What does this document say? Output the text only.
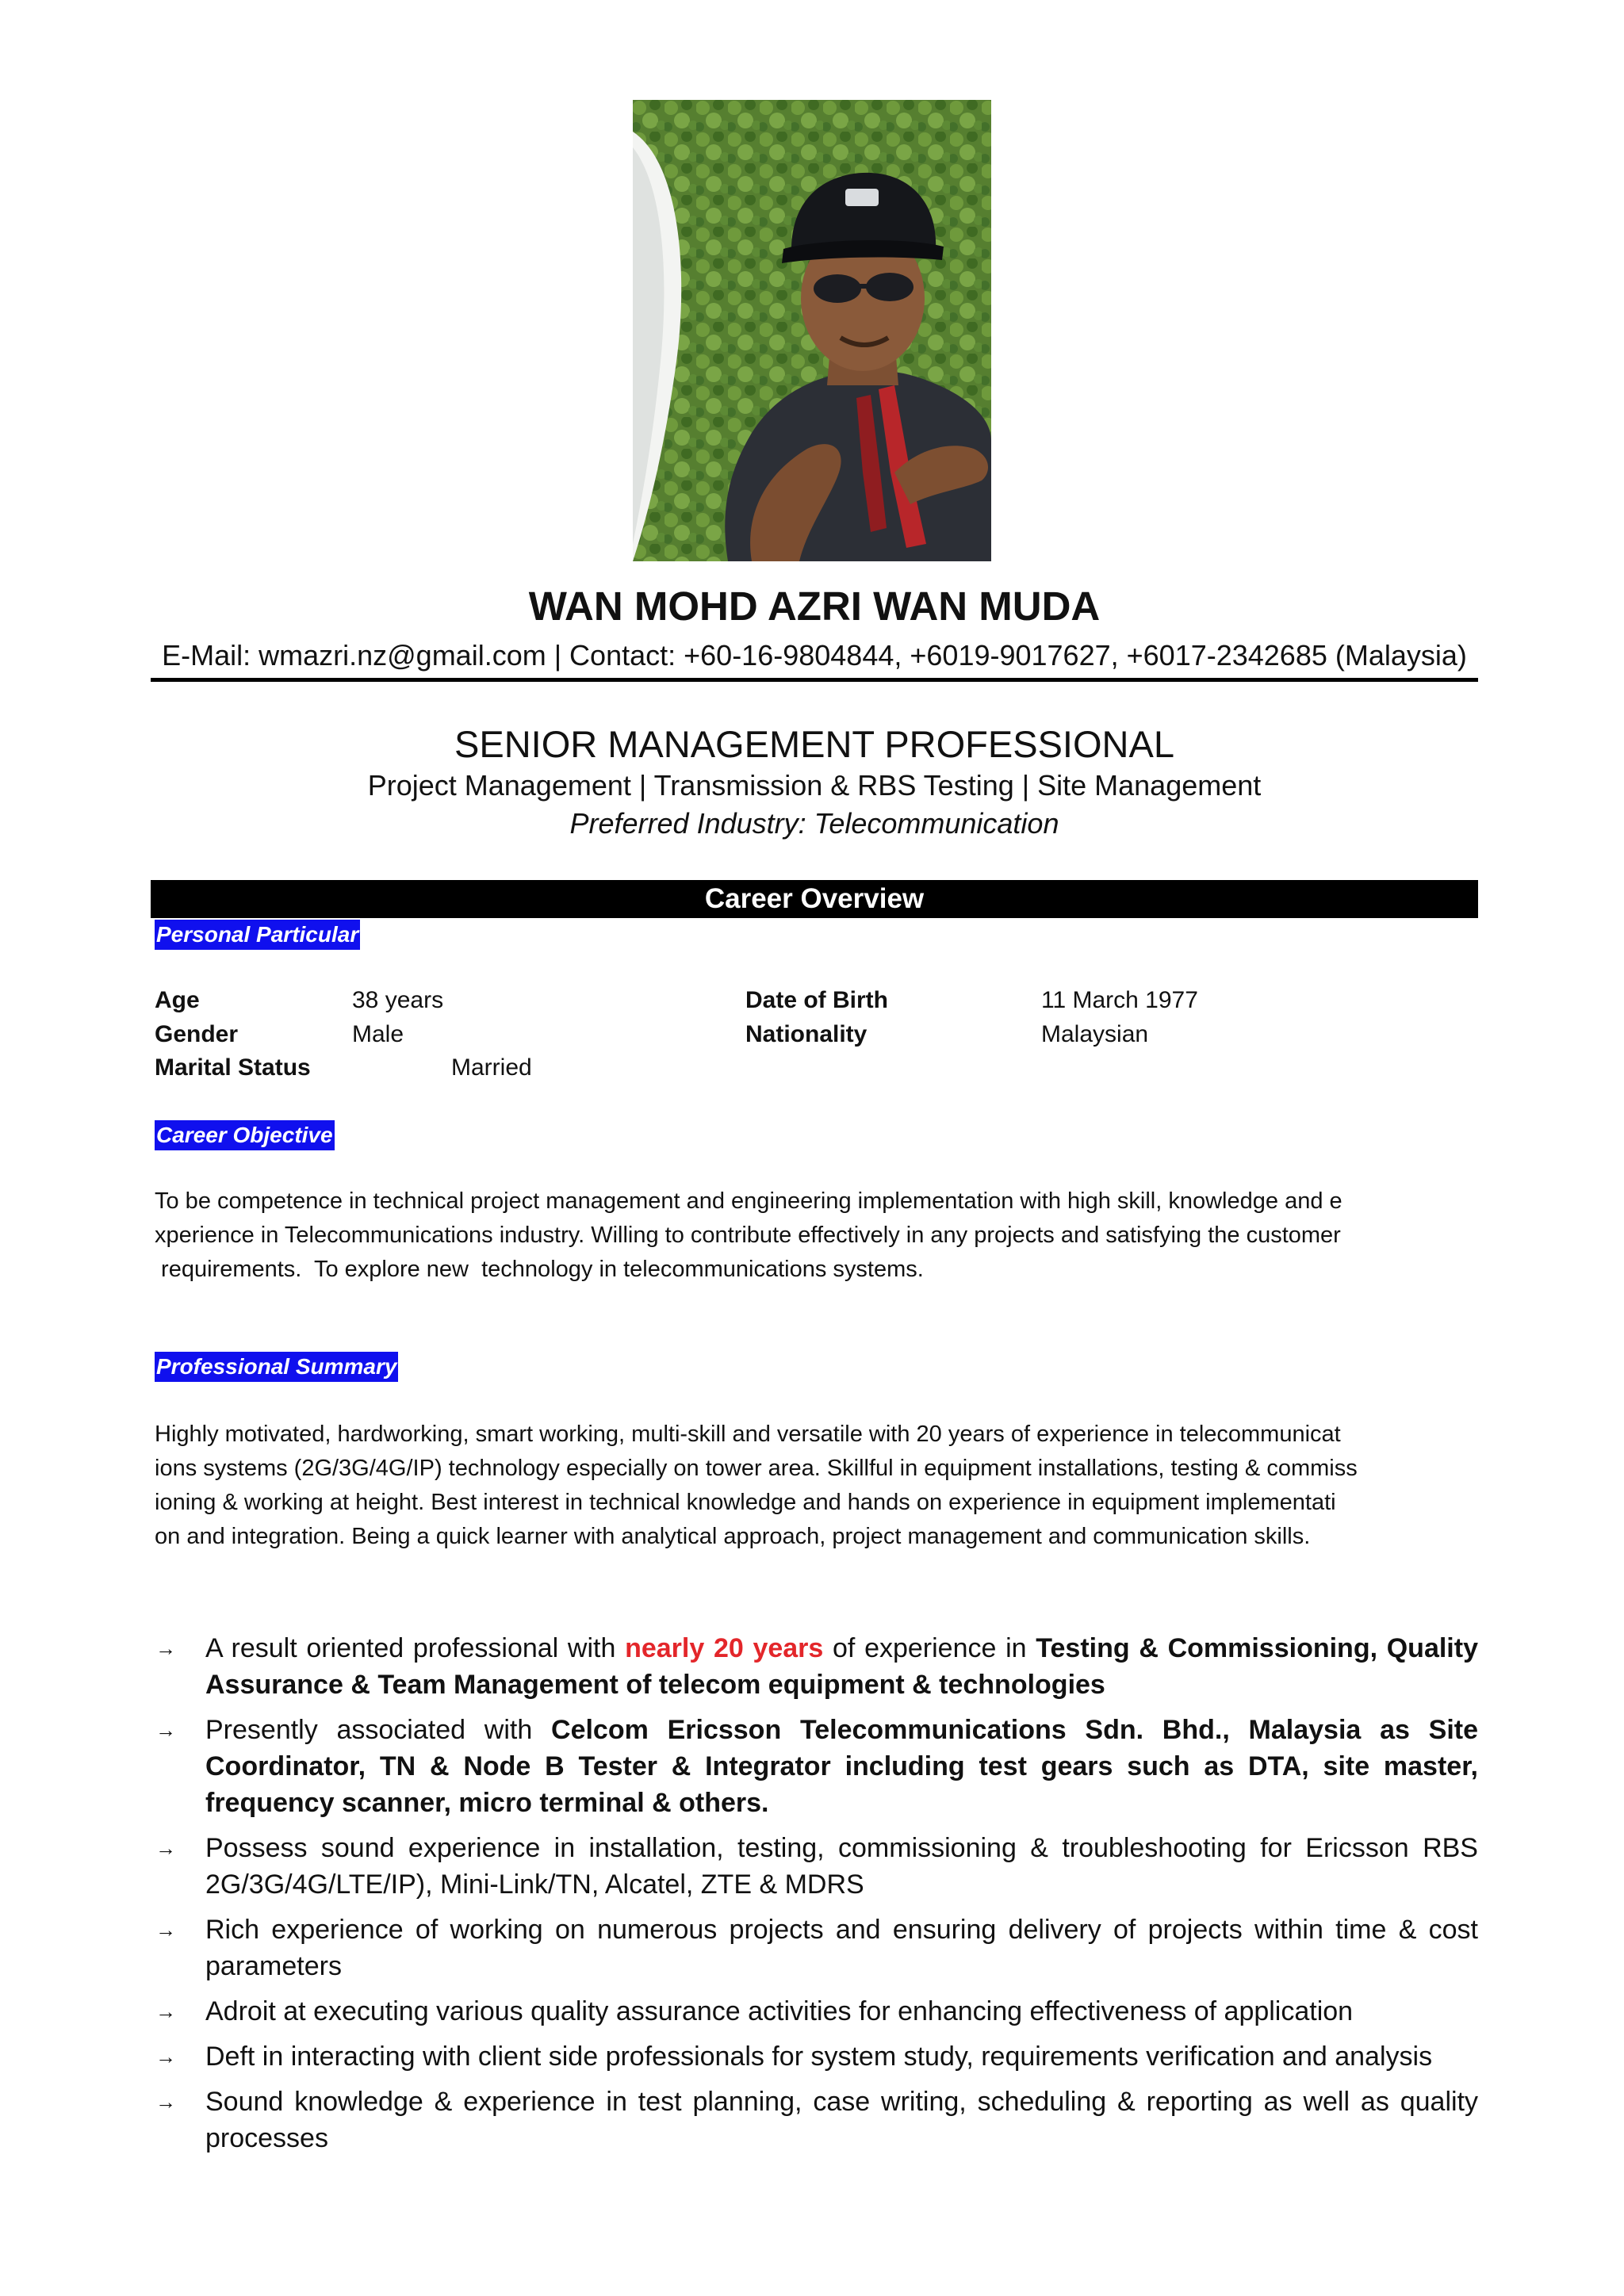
WAN MOHD AZRI WAN MUDA
E-Mail: wmazri.nz@gmail.com | Contact: +60-16-9804844, +6019-9017627, +6017-2342685 (Malaysia)
SENIOR MANAGEMENT PROFESSIONAL
Project Management | Transmission & RBS Testing | Site Management
Preferred Industry: Telecommunication
Career Overview
Personal Particular
Age	38 years	Date of Birth	11 March 1977
Gender	Male	Nationality	Malaysian
Marital Status	Married
Career Objective

To be competence in technical project management and engineering implementation with high skill, knowledge and e
xperience in Telecommunications industry. Willing to contribute effectively in any projects and satisfying the customer
requirements.  To explore new  technology in telecommunications systems.

Professional Summary

Highly motivated, hardworking, smart working, multi-skill and versatile with 20 years of experience in telecommunicat
ions systems (2G/3G/4G/IP) technology especially on tower area. Skillful in equipment installations, testing & commiss
ioning & working at height. Best interest in technical knowledge and hands on experience in equipment implementati
on and integration. Being a quick learner with analytical approach, project management and communication skills.

→ A result oriented professional with nearly 20 years of experience in Testing & Commissioning, Quality Assurance & Team Management of telecom equipment & technologies
→ Presently associated with Celcom Ericsson Telecommunications Sdn. Bhd., Malaysia as Site Coordinator, TN & Node B Tester & Integrator including test gears such as DTA, site master, frequency scanner, micro terminal & others.
→ Possess sound experience in installation, testing, commissioning & troubleshooting for Ericsson RBS 2G/3G/4G/LTE/IP), Mini-Link/TN, Alcatel, ZTE & MDRS
→ Rich experience of working on numerous projects and ensuring delivery of projects within time & cost parameters
→ Adroit at executing various quality assurance activities for enhancing effectiveness of application
→ Deft in interacting with client side professionals for system study, requirements verification and analysis
→ Sound knowledge & experience in test planning, case writing, scheduling & reporting as well as quality processes
